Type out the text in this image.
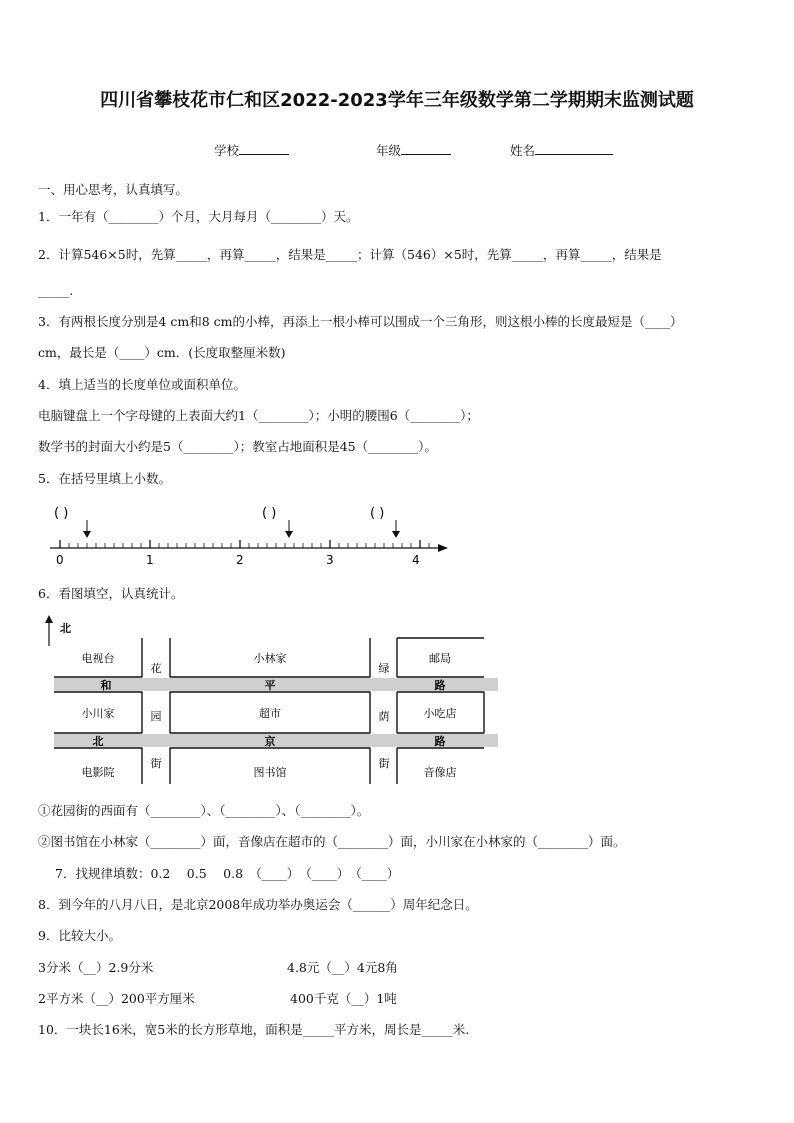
四川省攀枝花市仁和区2022-2023学年三年级数学第二学期期末监测试题
学校	年级	姓名
一、用心思考，认真填写。
1．一年有（________）个月，大月每月（________）天。
2．计算546×5时，先算_____，再算_____，结果是_____；计算（546）×5时，先算_____，再算_____，结果是
_____.
3．有两根长度分别是4 cm和8 cm的小棒，再添上一根小棒可以围成一个三角形，则这根小棒的长度最短是（____）
cm，最长是（____）cm．(长度取整厘米数)
4．填上适当的长度单位或面积单位。
电脑键盘上一个字母键的上表面大约1（________）；小明的腰围6（________）；
数学书的封面大小约是5（________）；教室占地面积是45（________）。
5．在括号里填上小数。
( )	( )	( )
0	1	2	3	4
6．看图填空，认真统计。
北
电视台	小林家	邮局
小川家	超市	小吃店
电影院	图书馆	音像店
和	平	路
北	京	路
花
园
街
绿
荫
街
①花园街的西面有（________）、（________）、（________）。
②图书馆在小林家（________）面，音像店在超市的（________）面，小川家在小林家的（________）面。
7．找规律填数：0.2　 0.5　 0.8　（____）　（____）　（____）
8．到今年的八月八日，是北京2008年成功举办奥运会（______）周年纪念日。
9．比较大小。
3分米（__）2.9分米	4.8元（__）4元8角
2平方米（__）200平方厘米	400千克（__）1吨
10．一块长16米，宽5米的长方形草地，面积是_____平方米，周长是_____米.
